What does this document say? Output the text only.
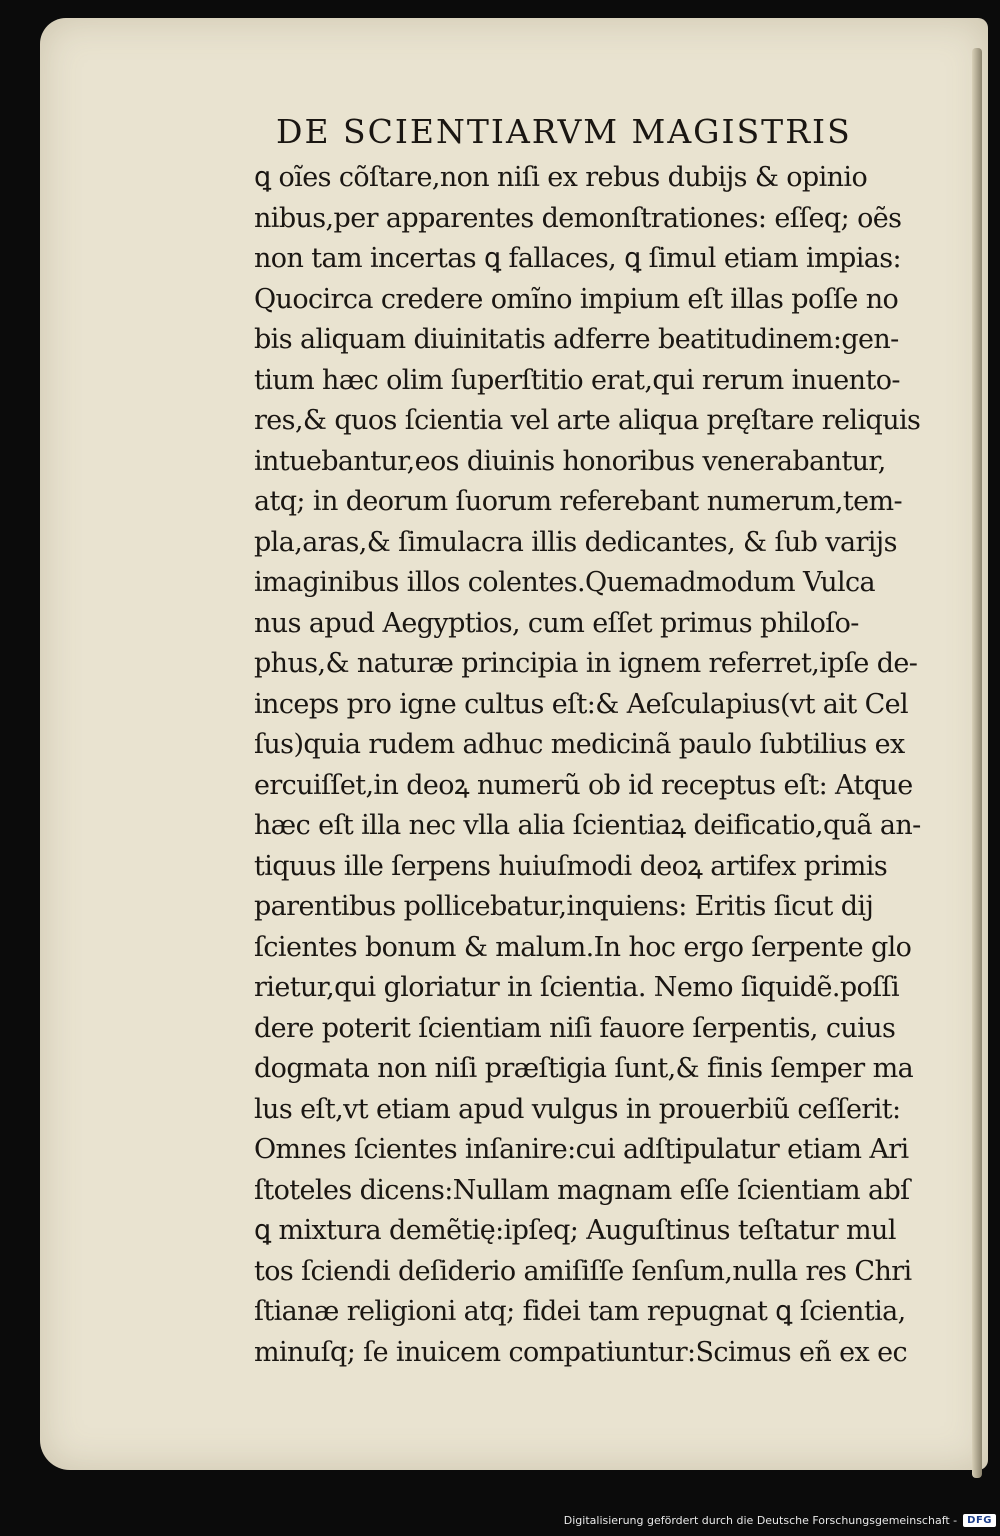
DE SCIENTIARVM MAGISTRIS
ꝗ oĩes cõſtare,non niſi ex rebus dubijs & opinio
nibus,per apparentes demonſtrationes: eſſeq; oẽs
non tam incertas ꝗ fallaces, ꝗ ſimul etiam impias:
Quocirca credere omĩno impium eſt illas poſſe no
bis aliquam diuinitatis adferre beatitudinem:gen-
tium hæc olim ſuperſtitio erat,qui rerum inuento-
res,& quos ſcientia vel arte aliqua pręſtare reliquis
intuebantur,eos diuinis honoribus venerabantur,
atq; in deorum ſuorum referebant numerum,tem-
pla,aras,& ſimulacra illis dedicantes, & ſub varijs
imaginibus illos colentes.Quemadmodum Vulca
nus apud Aegyptios, cum eſſet primus philoſo-
phus,& naturæ principia in ignem referret,ipſe de-
inceps pro igne cultus eſt:& Aeſculapius(vt ait Cel
ſus)quia rudem adhuc medicinã paulo ſubtilius ex
ercuiſſet,in deoꝝ numerũ ob id receptus eſt: Atque
hæc eſt illa nec vlla alia ſcientiaꝝ deificatio,quã an-
tiquus ille ſerpens huiuſmodi deoꝝ artifex primis
parentibus pollicebatur,inquiens: Eritis ſicut dij
ſcientes bonum & malum.In hoc ergo ſerpente glo
rietur,qui gloriatur in ſcientia. Nemo ſiquidẽ.poſſi
dere poterit ſcientiam niſi fauore ſerpentis, cuius
dogmata non niſi præſtigia ſunt,& finis ſemper ma
lus eſt,vt etiam apud vulgus in prouerbiũ ceſſerit:
Omnes ſcientes inſanire:cui adſtipulatur etiam Ari
ſtoteles dicens:Nullam magnam eſſe ſcientiam abſ
ꝗ mixtura demẽtię:ipſeq; Auguſtinus teſtatur mul
tos ſciendi deſiderio amiſiſſe ſenſum,nulla res Chri
ſtianæ religioni atq; fidei tam repugnat ꝗ ſcientia,
minuſq; ſe inuicem compatiuntur:Scimus eñ ex ec
Digitalisierung gefördert durch die Deutsche Forschungsgemeinschaft -	DFG
